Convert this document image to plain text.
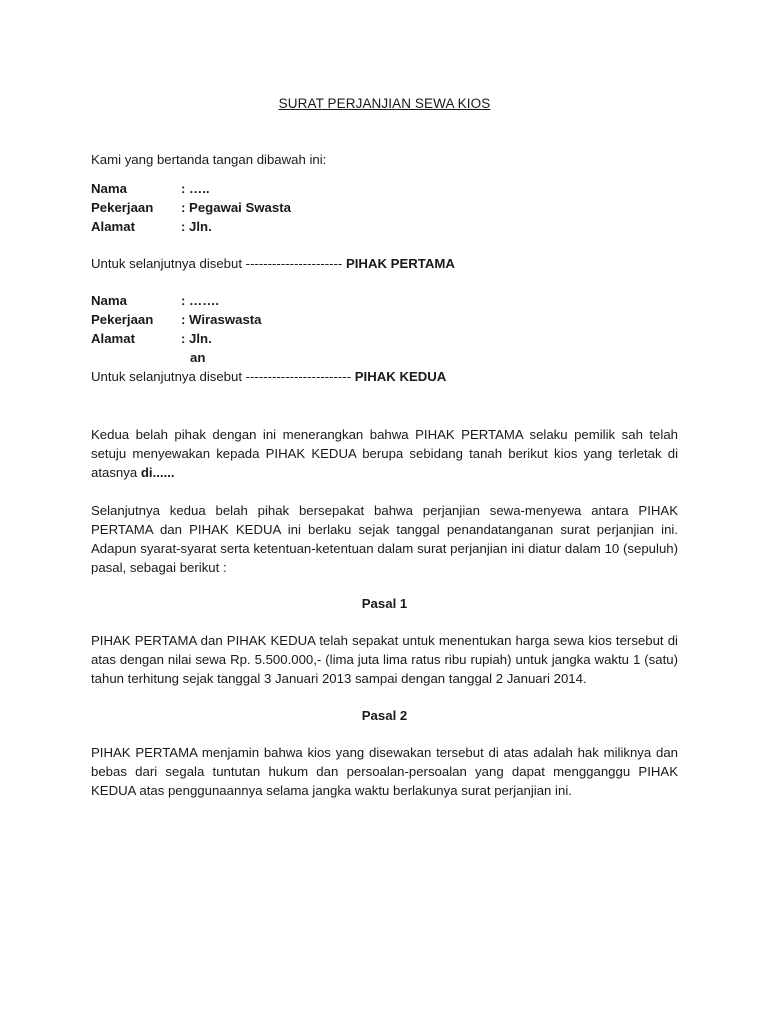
SURAT PERJANJIAN SEWA KIOS

Kami yang bertanda tangan dibawah ini:

Nama	: …..
Pekerjaan	: Pegawai Swasta
Alamat	: Jln.

Untuk selanjutnya disebut ---------------------- PIHAK PERTAMA

Nama	: …….
Pekerjaan	: Wiraswasta
Alamat	: Jln.
an

Untuk selanjutnya disebut ------------------------ PIHAK KEDUA

Kedua belah pihak dengan ini menerangkan bahwa PIHAK PERTAMA selaku pemilik sah telah setuju menyewakan kepada PIHAK KEDUA berupa sebidang tanah berikut kios yang terletak di atasnya di......

Selanjutnya kedua belah pihak bersepakat bahwa perjanjian sewa-menyewa antara PIHAK PERTAMA dan PIHAK KEDUA ini berlaku sejak tanggal penandatanganan surat perjanjian ini. Adapun syarat-syarat serta ketentuan-ketentuan dalam surat perjanjian ini diatur dalam 10 (sepuluh) pasal, sebagai berikut :

Pasal 1

PIHAK PERTAMA dan PIHAK KEDUA telah sepakat untuk menentukan harga sewa kios tersebut di atas dengan nilai sewa Rp. 5.500.000,- (lima juta lima ratus ribu rupiah) untuk jangka waktu 1 (satu) tahun terhitung sejak tanggal 3 Januari 2013 sampai dengan tanggal 2 Januari 2014.

Pasal 2

PIHAK PERTAMA menjamin bahwa kios yang disewakan tersebut di atas adalah hak miliknya dan bebas dari segala tuntutan hukum dan persoalan-persoalan yang dapat mengganggu PIHAK KEDUA atas penggunaannya selama jangka waktu berlakunya surat perjanjian ini.
